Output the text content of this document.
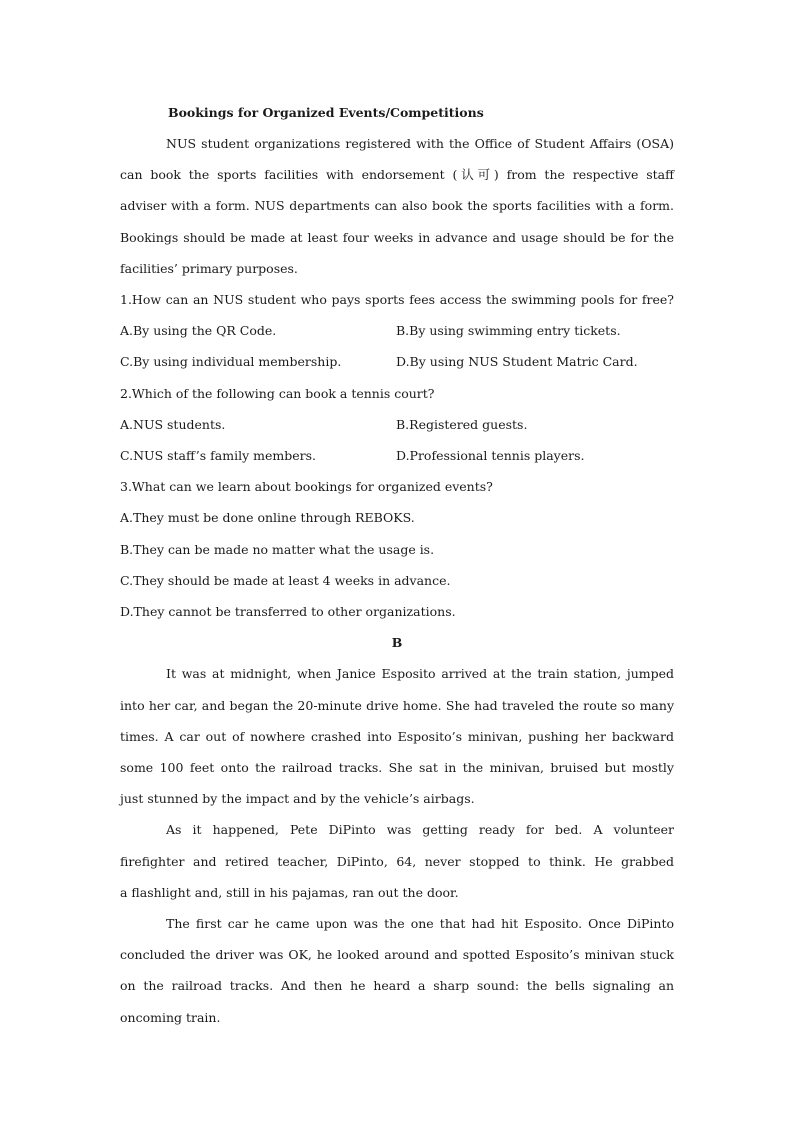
Bookings for Organized Events/Competitions
NUS student organizations registered with the Office of Student Affairs (OSA)
can book the sports facilities with endorsement (认可) from the respective staff
adviser with a form. NUS departments can also book the sports facilities with a form.
Bookings should be made at least four weeks in advance and usage should be for the
facilities’ primary purposes.
1.How can an NUS student who pays sports fees access the swimming pools for free?
A.By using the QR Code.	B.By using swimming entry tickets.
C.By using individual membership.	D.By using NUS Student Matric Card.
2.Which of the following can book a tennis court?
A.NUS students.	B.Registered guests.
C.NUS staff’s family members.	D.Professional tennis players.
3.What can we learn about bookings for organized events?
A.They must be done online through REBOKS.
B.They can be made no matter what the usage is.
C.They should be made at least 4 weeks in advance.
D.They cannot be transferred to other organizations.
B
It was at midnight, when Janice Esposito arrived at the train station, jumped
into her car, and began the 20-minute drive home. She had traveled the route so many
times. A car out of nowhere crashed into Esposito’s minivan, pushing her backward
some 100 feet onto the railroad tracks. She sat in the minivan, bruised but mostly
just stunned by the impact and by the vehicle’s airbags.
As it happened, Pete DiPinto was getting ready for bed. A volunteer
firefighter and retired teacher, DiPinto, 64, never stopped to think. He grabbed
a flashlight and, still in his pajamas, ran out the door.
The first car he came upon was the one that had hit Esposito. Once DiPinto
concluded the driver was OK, he looked around and spotted Esposito’s minivan stuck
on the railroad tracks. And then he heard a sharp sound: the bells signaling an
oncoming train.
